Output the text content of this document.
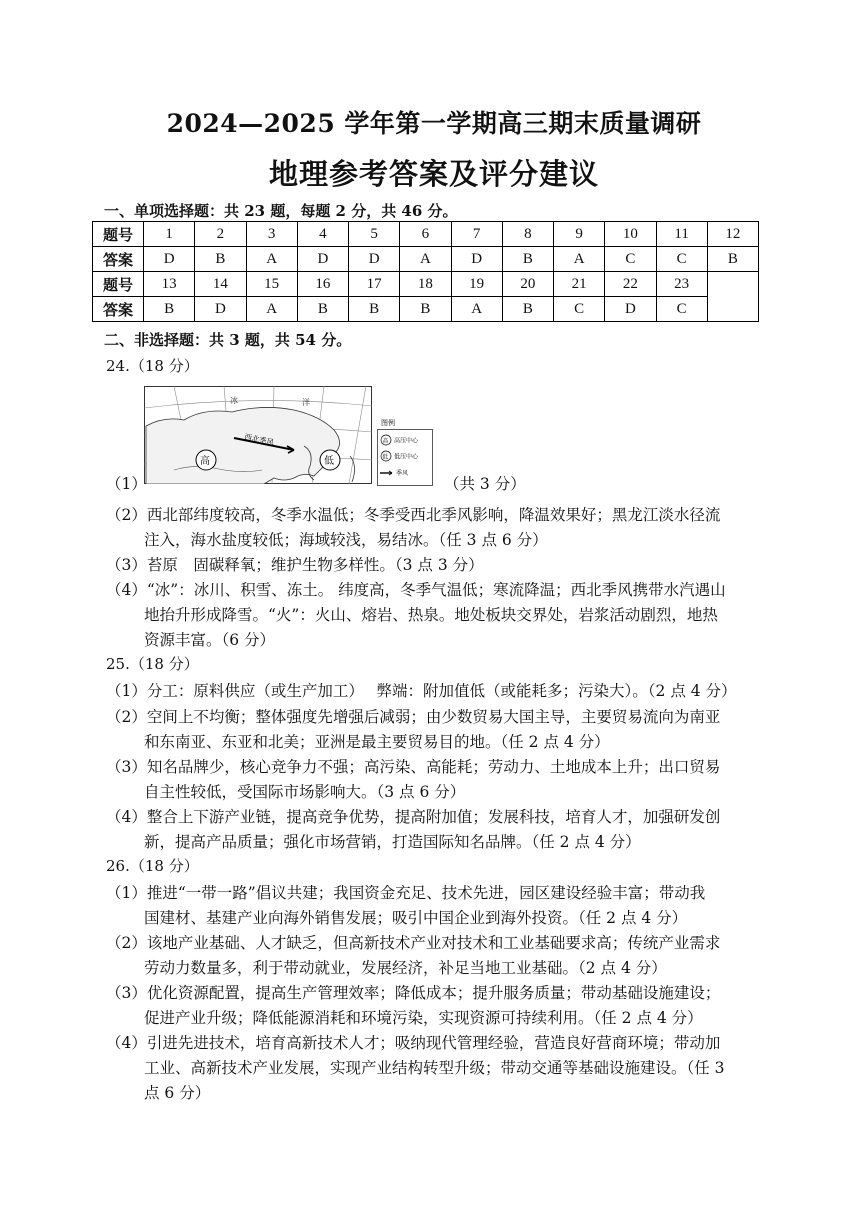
2024—2025 学年第一学期高三期末质量调研
地理参考答案及评分建议
一、单项选择题：共 23 题，每题 2 分，共 46 分。
题号	1	2	3	4	5	6	7	8	9	10	11	12
答案	D	B	A	D	D	A	D	B	A	C	C	B
题号	13	14	15	16	17	18	19	20	21	22	23	
答案	B	D	A	B	B	B	A	B	C	D	C	
二、非选择题：共 3 题，共 54 分。
24.（18 分）
冰	洋
西北季风
高	低
图例
高 高压中心
低 低压中心
季风
（1）	（共 3 分）
（2）西北部纬度较高，冬季水温低；冬季受西北季风影响，降温效果好；黑龙江淡水径流
注入，海水盐度较低；海域较浅，易结冰。（任 3 点 6 分）
（3）苔原　固碳释氧；维护生物多样性。（3 点 3 分）
（4）“冰”：冰川、积雪、冻土。 纬度高，冬季气温低；寒流降温；西北季风携带水汽遇山
地抬升形成降雪。“火”：火山、熔岩、热泉。地处板块交界处，岩浆活动剧烈，地热
资源丰富。（6 分）
25.（18 分）
（1）分工：原料供应（或生产加工）　 弊端：附加值低（或能耗多；污染大）。（2 点 4 分）
（2）空间上不均衡；整体强度先增强后减弱；由少数贸易大国主导，主要贸易流向为南亚
和东南亚、东亚和北美；亚洲是最主要贸易目的地。（任 2 点 4 分）
（3）知名品牌少，核心竞争力不强；高污染、高能耗；劳动力、土地成本上升；出口贸易
自主性较低，受国际市场影响大。（3 点 6 分）
（4）整合上下游产业链，提高竞争优势，提高附加值；发展科技，培育人才，加强研发创
新，提高产品质量；强化市场营销，打造国际知名品牌。（任 2 点 4 分）
26.（18 分）
（1）推进“一带一路”倡议共建；我国资金充足、技术先进，园区建设经验丰富；带动我
国建材、基建产业向海外销售发展；吸引中国企业到海外投资。（任 2 点 4 分）
（2）该地产业基础、人才缺乏，但高新技术产业对技术和工业基础要求高；传统产业需求
劳动力数量多，利于带动就业，发展经济，补足当地工业基础。（2 点 4 分）
（3）优化资源配置，提高生产管理效率；降低成本；提升服务质量；带动基础设施建设；
促进产业升级；降低能源消耗和环境污染，实现资源可持续利用。（任 2 点 4 分）
（4）引进先进技术，培育高新技术人才；吸纳现代管理经验，营造良好营商环境；带动加
工业、高新技术产业发展，实现产业结构转型升级；带动交通等基础设施建设。（任 3
点 6 分）
